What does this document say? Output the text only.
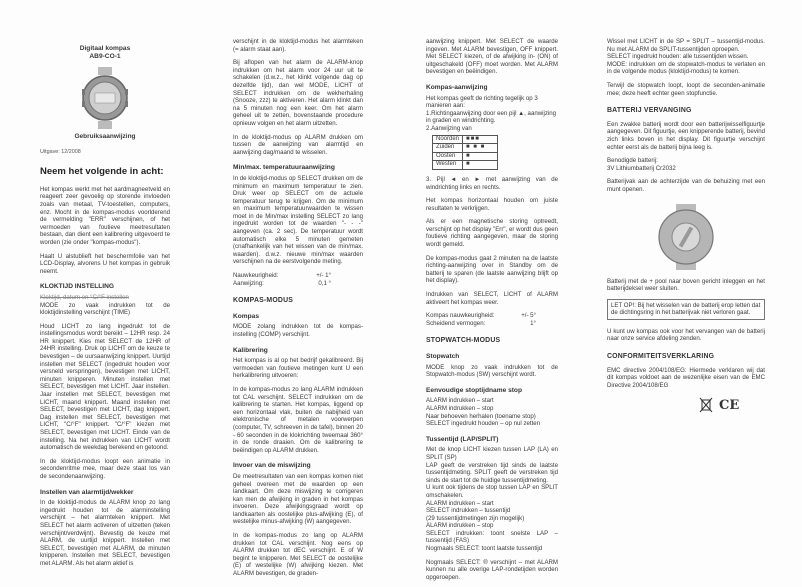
Digitaal kompas
AB9-CO-1
Gebruiksaanwijzing
Uitgave: 12/2008
Neem het volgende in acht:

Het kompas werkt met het aardmagneetveld en reageert zeer gevoelig op storende invloeden zoals van metaal, TV-toestellen, computers, enz. Mocht in de kompas-modus voorlderend de vermelding "ERR" verschijnen, of het vermoeden van foutieve meetresultaten bestaan, dan dient een kalibrering uitgevoerd te worden (zie onder "kompas-modus").

Haalt U alstublieft het beschermfolie van het LCD-Display, alvorens U het kompas in gebruik neemt.

KLOKTIJD INSTELLING
Kloktijd, datum en °C/°F instellen

MODE zo vaak indrukken tot de kloktijdinstelling verschijnt (TIME)

Houd LICHT zo lang ingedrukt tot de instellingsmodus wordt bereikt – 12HR resp. 24 HR knippert. Kies met SELECT de 12HR of 24HR instelling. Druk op LICHT om de keuze te bevestigen – de uursaanwijzing knippert. Uurtijd instellen met SELECT (ingedrukt houden voor versneld verspringen), bevestigen met LICHT, minuten knipperen. Minuten instellen met SELECT, bevestigen met LICHT. Jaar instellen. Jaar instellen met SELECT, bevestigen met LICHT, maand knippert. Maand instellen met SELECT, bevestigen met LICHT, dag knippert. Dag instellen met SELECT, bevestigen met LICHT, "C/°F" knippert. "C/°F" kiezen met SELECT, bevestigen met LICHT. Einde van de instelling. Na het indrukken van LICHT wordt automatisch de weekdag berekend en getoond.

In de kloktijd-modus loopt een animatie in secondenritme mee, maar deze staat los van de secondenaanwijzing.

Instellen van alarmtijd/wekker

In de kloktijd-modus de ALARM knop zo lang ingedrukt houden tot de alarminstelling verschijnt – het alarmteken knippert. Met SELECT het alarm activeren of uitzetten (teken verschijnt/verdwijnt). Bevestig de keuze met ALARM, de uurtijd knippert. Instellen met SELECT, bevestigen met ALARM, de minuten knipperen. Instellen met SELECT, bevestigen met ALARM. Als het alarm aktief is

verschijnt in de kloktijd-modus het alarmteken (= alarm staat aan).

Bij aflopen van het alarm de ALARM-knop indrukken om het alarm voor 24 uur uit te schakelen (d.w.z., het klinkt volgende dag op dezelfde tijd), dan wel MODE, LICHT of SELECT indrukken om de wekherhaling (Snooze, zzz) te aktiveren. Het alarm klinkt dan na 5 minuten nog een keer. Om het alarm geheel uit te zetten, bovenstaande procedure opnieuw volgen en het alarm uitzetten.

In de kloktijd-modus op ALARM drukken om tussen de aanwijzing van alarmtijd en aanwijzing dag/maand te wisselen.

Min/max. temperatuuraanwijzing

In de kloktijd-modus op SELECT drukken om de minimum en maximum temperatuur te zien. Druk weer op SELECT om de actuele temperatuur terug te krijgen. Om de minimum en maximum temperatuurwaarden te wissen moet in de Min/max instelling SELECT zo lang ingedrukt worden tot de waarden "- - -" aangeven (ca. 2 sec). De temperatuur wordt automatisch elke 5 minuten gemeten (cnafhankelijk van het wissen van de min/max. waarden). d.w.z. nieuwe min/max waarden verschijnen na de eerstvolgende meting.

Nauwkeurigheid:	+/- 1°
Aanwijzing:	0,1 °
KOMPAS-MODUS
Kompas

MODE zolang indrukken tot de kompas-instelling (COMP) verschijnt.

Kalibrering

Het kompas is al op het bedrijf gekalibreerd. Bij vermoeden van foutieve metingen kunt U een herkalibrering uitvoeren:

In de kompas-modus zo lang ALARM indrukken tot CAL verschijnt. SELECT indrukken om de kalibrering te starten. Het kompas, liggend op een horizontaal vlak, buiten de nabijheid van elektronische of metalen voorwerpen (computer, TV, schreeven in de tafel), binnen 20 - 60 seconden in de klokrichting tweemaal 360° in de ronde draaien. Om de kalibrering te beëindigen op ALARM drukken.

Invoer van de miswijzing

De meetresultaten van een kompas komen niet geheel overeen met de waarden op een landkaart. Om deze miswijzing te corrigeren kan men de afwijking in graden in het kompas invoeren. Deze afwijkingsgraad wordt op landkaarten als oostelijke plus-afwijking (E), of westelijke minus-afwijking (W) aangegeven.

In de kompas-modus zo lang op ALARM drukken tot CAL verschijnt. Nog eens op ALARM drukken tot dEC verschijnt. E of W begint te knipperen. Met SELECT de oostelijke (E) of westelijke (W) afwijking kiezen. Met ALARM bevestigen, de graden-

aanwijzing knippert. Met SELECT de waarde ingeven. Met ALARM bevestigen, OFF knippert. Met SELECT kiezen, of de afwijking in- (ON) of uitgeschakeld (OFF) moet worden. Met ALARM bevestigen en beëindigen.

Kompas-aanwijzing
Het kompas geeft de richting tegelijk op 3 manieren aan:
1.Richtingaanwijzing door een pijl ▲, aanwijzing in graden en windrichting.
2.Aanwijzing van
Noorden	■■■
Zuiden	■ ■ ■
Oosten	■
Westen	■

3. Pijl ◄ en ► met aanwijzing van de windrichting links en rechts.

Het kompas horizontaal houden om juiste resultaten te verkrijgen.

Als er een magnetische storing optreedt, verschijnt op het display "Err", er wordt dus geen foutieve richting aangegeven, maar de storing wordt gemeld.

De kompas-modus gaat 2 minuten na de laatste richting-aanwijzing over in Standby om de batterij te sparen (de laatste aanwijzing blijft op het display).

Indrukken van SELECT, LICHT of ALARM aktiveert het kompas weer.

Kompas nauwkeurigheid:	+/- 5°
Scheidend vermogen:	1°
STOPWATCH-MODUS
Stopwatch

MODE knop zo vaak indrukken tot de Stopwatch-modus (SW) verschijnt wordt.

Eenvoudige stoptijdname stop

ALARM indrukken – start
ALARM indrukken – stop
Naar behoeven herhalen (toename stop)
SELECT ingedrukt houden – op nul zetten

Tussentijd (LAP/SPLIT)

Met de knop LICHT kiezen tussen LAP (LA) en SPLIT (SP)
LAP geeft de verstreken tijd sinds de laatste tussentijdmeting. SPLIT geeft de verstreken tijd sinds de start tot de huidige tussentijdmeting.
U kunt ook tijdens de stop tussen LAP en SPLIT omschakelen.
ALARM indrukken – start
SELECT indrukken – tussentijd
(29 tussentijdmetingen zijn mogelijk)
ALARM indrukken – stop
SELECT indrukken: toont snelste LAP – tussentijd (FAS)
Nogmaals SELECT: toont laatste tussentijd

Nogmaals SELECT: ® verschijnt – met ALARM kunnen nu alle overige LAP-rondetijden worden opgeroepen.

Wissel met LICHT in de SP = SPLIT – tussentijd-modus. Nu met ALARM de SPLIT-tussentijden oproepen.
SELECT ingedrukt houden: alle tussentijden wissen.
MODE: indrukken om de stopwatch-modus te verlaten en in de volgende modus (kloktijd-modus) te komen.

Terwijl de stopwatch loopt, loopt de seconden-animatie mee; deze heeft echter geen stopfunctie.

BATTERIJ VERVANGING

Een zwakke batterij wordt door een batterijwisselfiguurtje aangegeven. Dit figuurtje, een knipperende batterij, bevind zich links boven in het display. Dit figuurtje verschijnt echter eerst als de batterij bijna leeg is.

Benodigde batterij:
3V Lithiumbatterij Cr2032

Batterijvak aan de achterzijde van de behuizing met een munt openen.

Batterij met de + pool naar boven gericht inleggen en het batterijdeksel weer sluiten.

LET OP!: Bij het wisselen van de batterij erop letten dat de dichtingsring in het batterijvak niet verloren gaat.

U kunt uw kompas ook voor het vervangen van de batterij naar onze service afdeling zenden.

CONFORMITEITSVERKLARING

EMC directive 2004/108/EG: Hiermede verklaren wij dat dit kompas voldoet aan de wezenlijke eisen van de EMC Directive 2004/108/EG

CE
